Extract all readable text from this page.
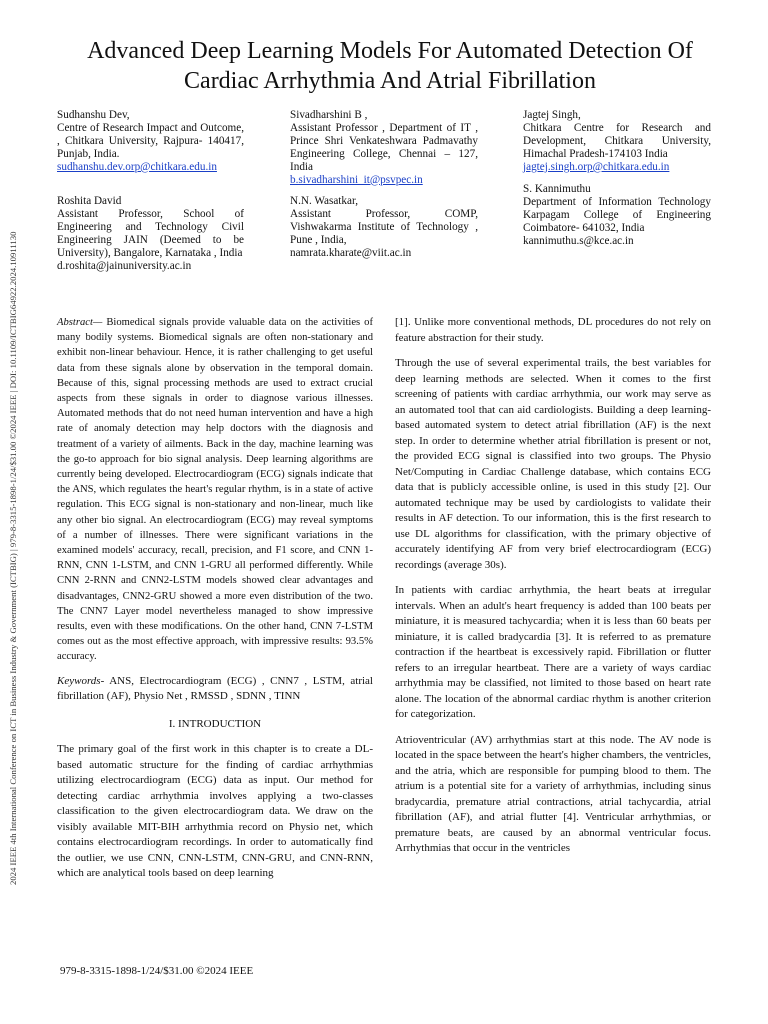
2024 IEEE 4th International Conference on ICT in Business Industry & Government (ICTBIG) | 979-8-3315-1898-1/24/$31.00 ©2024 IEEE | DOI: 10.1109/ICTBIG64922.2024.10911130
Advanced Deep Learning Models For Automated Detection Of Cardiac Arrhythmia And Atrial Fibrillation
Sudhanshu Dev,
Centre of Research Impact and Outcome, , Chitkara University, Rajpura- 140417, Punjab, India.
sudhanshu.dev.orp@chitkara.edu.in
Sivadharshini B ,
Assistant Professor , Department of IT , Prince Shri Venkateshwara Padmavathy Engineering College, Chennai – 127, India
b.sivadharshini_it@psvpec.in
Jagtej Singh,
Chitkara Centre for Research and Development, Chitkara University, Himachal Pradesh-174103 India
jagtej.singh.orp@chitkara.edu.in
Roshita David
Assistant Professor, School of Engineering and Technology Civil Engineering JAIN (Deemed to be University), Bangalore, Karnataka , India
d.roshita@jainuniversity.ac.in
N.N. Wasatkar,
Assistant Professor, COMP, Vishwakarma Institute of Technology , Pune , India,
namrata.kharate@viit.ac.in
S. Kannimuthu
Department of Information Technology Karpagam College of Engineering Coimbatore- 641032, India
kannimuthu.s@kce.ac.in

Abstract— Biomedical signals provide valuable data on the activities of many bodily systems. Biomedical signals are often non-stationary and exhibit non-linear behaviour. Hence, it is rather challenging to get useful data from these signals alone by observation in the temporal domain. Because of this, signal processing methods are used to extract crucial aspects from these signals in order to diagnose various illnesses. Automated methods that do not need human intervention and have a high rate of anomaly detection may help doctors with the diagnosis and treatment of a variety of ailments. Back in the day, machine learning was the go-to approach for bio signal analysis. Deep learning algorithms are currently being developed. Electrocardiogram (ECG) signals indicate that the ANS, which regulates the heart's regular rhythm, is in a state of active regulation. This ECG signal is non-stationary and non-linear, much like any other bio signal. An electrocardiogram (ECG) may reveal symptoms of a number of illnesses. There were significant variations in the examined models' accuracy, recall, precision, and F1 score, and CNN 1-RNN, CNN 1-LSTM, and CNN 1-GRU all performed differently. While CNN 2-RNN and CNN2-LSTM models showed clear advantages and disadvantages, CNN2-GRU showed a more even distribution of the two. The CNN7 Layer model nevertheless managed to show impressive results, even with these modifications. On the other hand, CNN 7-LSTM comes out as the most effective approach, with impressive results: 93.5% accuracy.

Keywords- ANS, Electrocardiogram (ECG) , CNN7 , LSTM, atrial fibrillation (AF), Physio Net , RMSSD , SDNN , TINN

I. INTRODUCTION

The primary goal of the first work in this chapter is to create a DL-based automatic structure for the finding of cardiac arrhythmias utilizing electrocardiogram (ECG) data as input. Our method for detecting cardiac arrhythmia involves applying a two-classes classification to the given electrocardiogram data. We draw on the visibly available MIT-BIH arrhythmia record on Physio net, which contains electrocardiogram recordings. In order to automatically find the outlier, we use CNN, CNN-LSTM, CNN-GRU, and CNN-RNN, which are analytical tools based on deep learning

[1]. Unlike more conventional methods, DL procedures do not rely on feature abstraction for their study.

Through the use of several experimental trails, the best variables for deep learning methods are selected. When it comes to the first screening of patients with cardiac arrhythmia, our work may serve as an automated tool that can aid cardiologists. Building a deep learning-based automated system to detect atrial fibrillation (AF) is the next step. In order to determine whether atrial fibrillation is present or not, the provided ECG signal is classified into two groups. The Physio Net/Computing in Cardiac Challenge database, which contains ECG data that is publicly accessible online, is used in this study [2]. Our automated technique may be used by cardiologists to validate their results in AF detection. To our information, this is the first research to use DL algorithms for classification, with the primary objective of accurately identifying AF from very brief electrocardiogram (ECG) recordings (average 30s).

In patients with cardiac arrhythmia, the heart beats at irregular intervals. When an adult's heart frequency is added than 100 beats per miniature, it is measured tachycardia; when it is less than 60 beats per miniature, it is called bradycardia [3]. It is referred to as premature contraction if the heartbeat is excessively rapid. Fibrillation or flutter refers to an irregular heartbeat. There are a variety of ways cardiac arrhythmia may be classified, not limited to those based on heart rate alone. The location of the abnormal cardiac rhythm is another criterion for categorization.

Atrioventricular (AV) arrhythmias start at this node. The AV node is located in the space between the heart's higher chambers, the ventricles, and the atria, which are responsible for pumping blood to them. The atrium is a potential site for a variety of arrhythmias, including sinus bradycardia, premature atrial contractions, atrial tachycardia, atrial fibrillation (AF), and atrial flutter [4]. Ventricular arrhythmias, or premature beats, are caused by an abnormal ventricular focus. Arrhythmias that occur in the ventricles

979-8-3315-1898-1/24/$31.00 ©2024 IEEE
